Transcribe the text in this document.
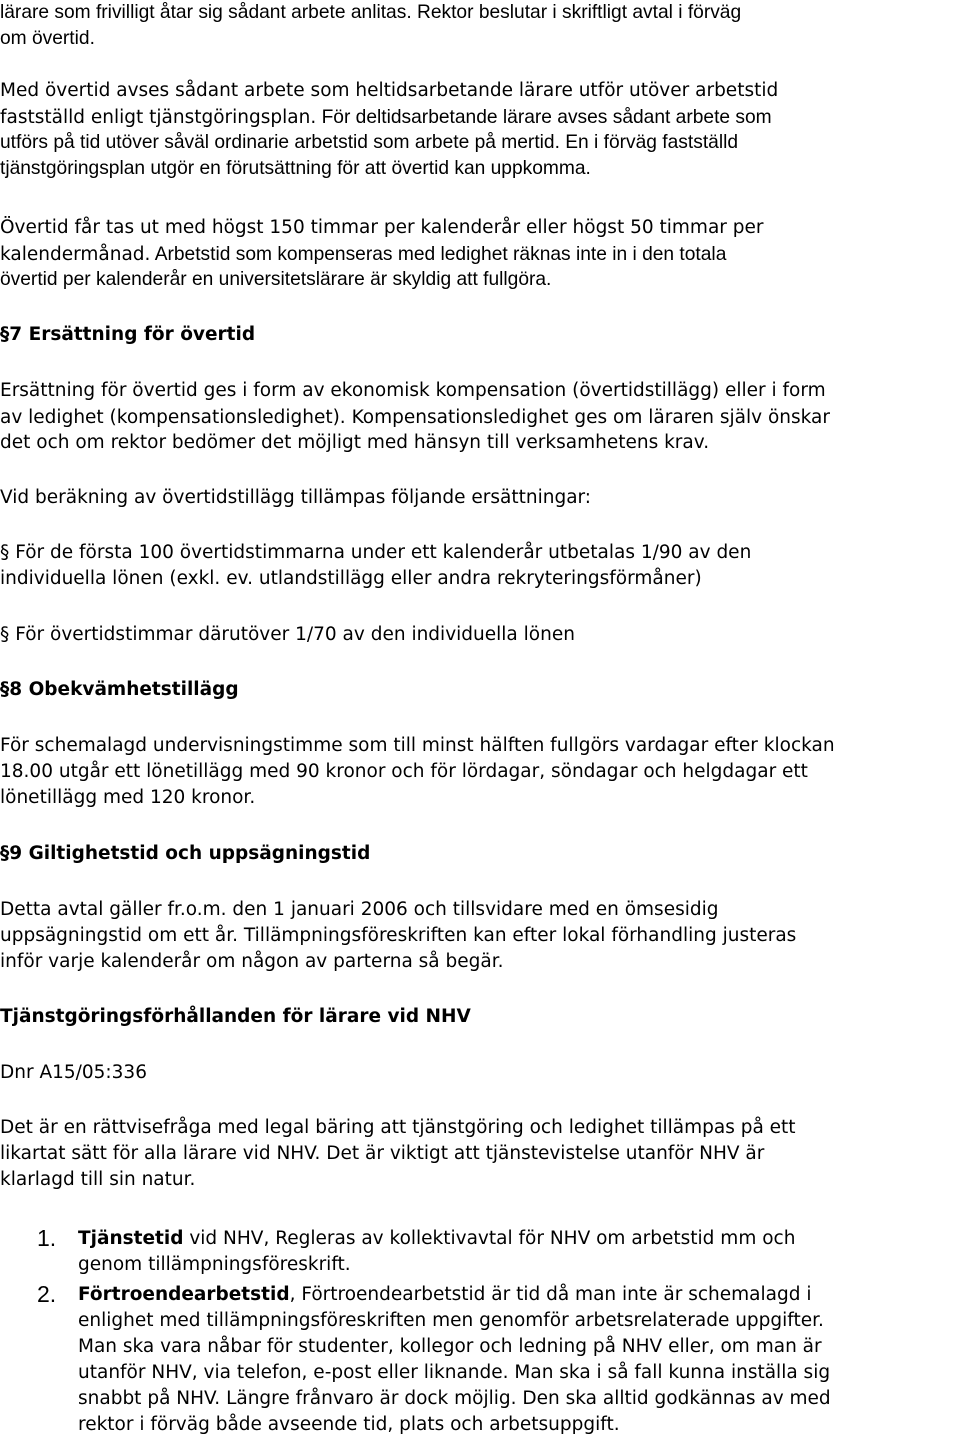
lärare som frivilligt åtar sig sådant arbete anlitas. Rektor beslutar i skriftligt avtal i förväg
om övertid.
Med övertid avses sådant arbete som heltidsarbetande lärare utför utöver arbetstid
fastställd enligt tjänstgöringsplan. För deltidsarbetande lärare avses sådant arbete som
utförs på tid utöver såväl ordinarie arbetstid som arbete på mertid. En i förväg fastställd
tjänstgöringsplan utgör en förutsättning för att övertid kan uppkomma.
Övertid får tas ut med högst 150 timmar per kalenderår eller högst 50 timmar per
kalendermånad. Arbetstid som kompenseras med ledighet räknas inte in i den totala
övertid per kalenderår en universitetslärare är skyldig att fullgöra.
§7 Ersättning för övertid
Ersättning för övertid ges i form av ekonomisk kompensation (övertidstillägg) eller i form
av ledighet (kompensationsledighet). Kompensationsledighet ges om läraren själv önskar
det och om rektor bedömer det möjligt med hänsyn till verksamhetens krav.
Vid beräkning av övertidstillägg tillämpas följande ersättningar:
§ För de första 100 övertidstimmarna under ett kalenderår utbetalas 1/90 av den
individuella lönen (exkl. ev. utlandstillägg eller andra rekryteringsförmåner)
§ För övertidstimmar därutöver 1/70 av den individuella lönen
§8 Obekvämhetstillägg
För schemalagd undervisningstimme som till minst hälften fullgörs vardagar efter klockan
18.00 utgår ett lönetillägg med 90 kronor och för lördagar, söndagar och helgdagar ett
lönetillägg med 120 kronor.
§9 Giltighetstid och uppsägningstid
Detta avtal gäller fr.o.m. den 1 januari 2006 och tillsvidare med en ömsesidig
uppsägningstid om ett år. Tillämpningsföreskriften kan efter lokal förhandling justeras
inför varje kalenderår om någon av parterna så begär.
Tjänstgöringsförhållanden för lärare vid NHV
Dnr A15/05:336
Det är en rättvisefråga med legal bäring att tjänstgöring och ledighet tillämpas på ett
likartat sätt för alla lärare vid NHV. Det är viktigt att tjänstevistelse utanför NHV är
klarlagd till sin natur.
1. Tjänstetid vid NHV, Regleras av kollektivavtal för NHV om arbetstid mm och
genom tillämpningsföreskrift.
2. Förtroendearbetstid, Förtroendearbetstid är tid då man inte är schemalagd i
enlighet med tillämpningsföreskriften men genomför arbetsrelaterade uppgifter.
Man ska vara nåbar för studenter, kollegor och ledning på NHV eller, om man är
utanför NHV, via telefon, e-post eller liknande. Man ska i så fall kunna inställa sig
snabbt på NHV. Längre frånvaro är dock möjlig. Den ska alltid godkännas av med
rektor i förväg både avseende tid, plats och arbetsuppgift.
